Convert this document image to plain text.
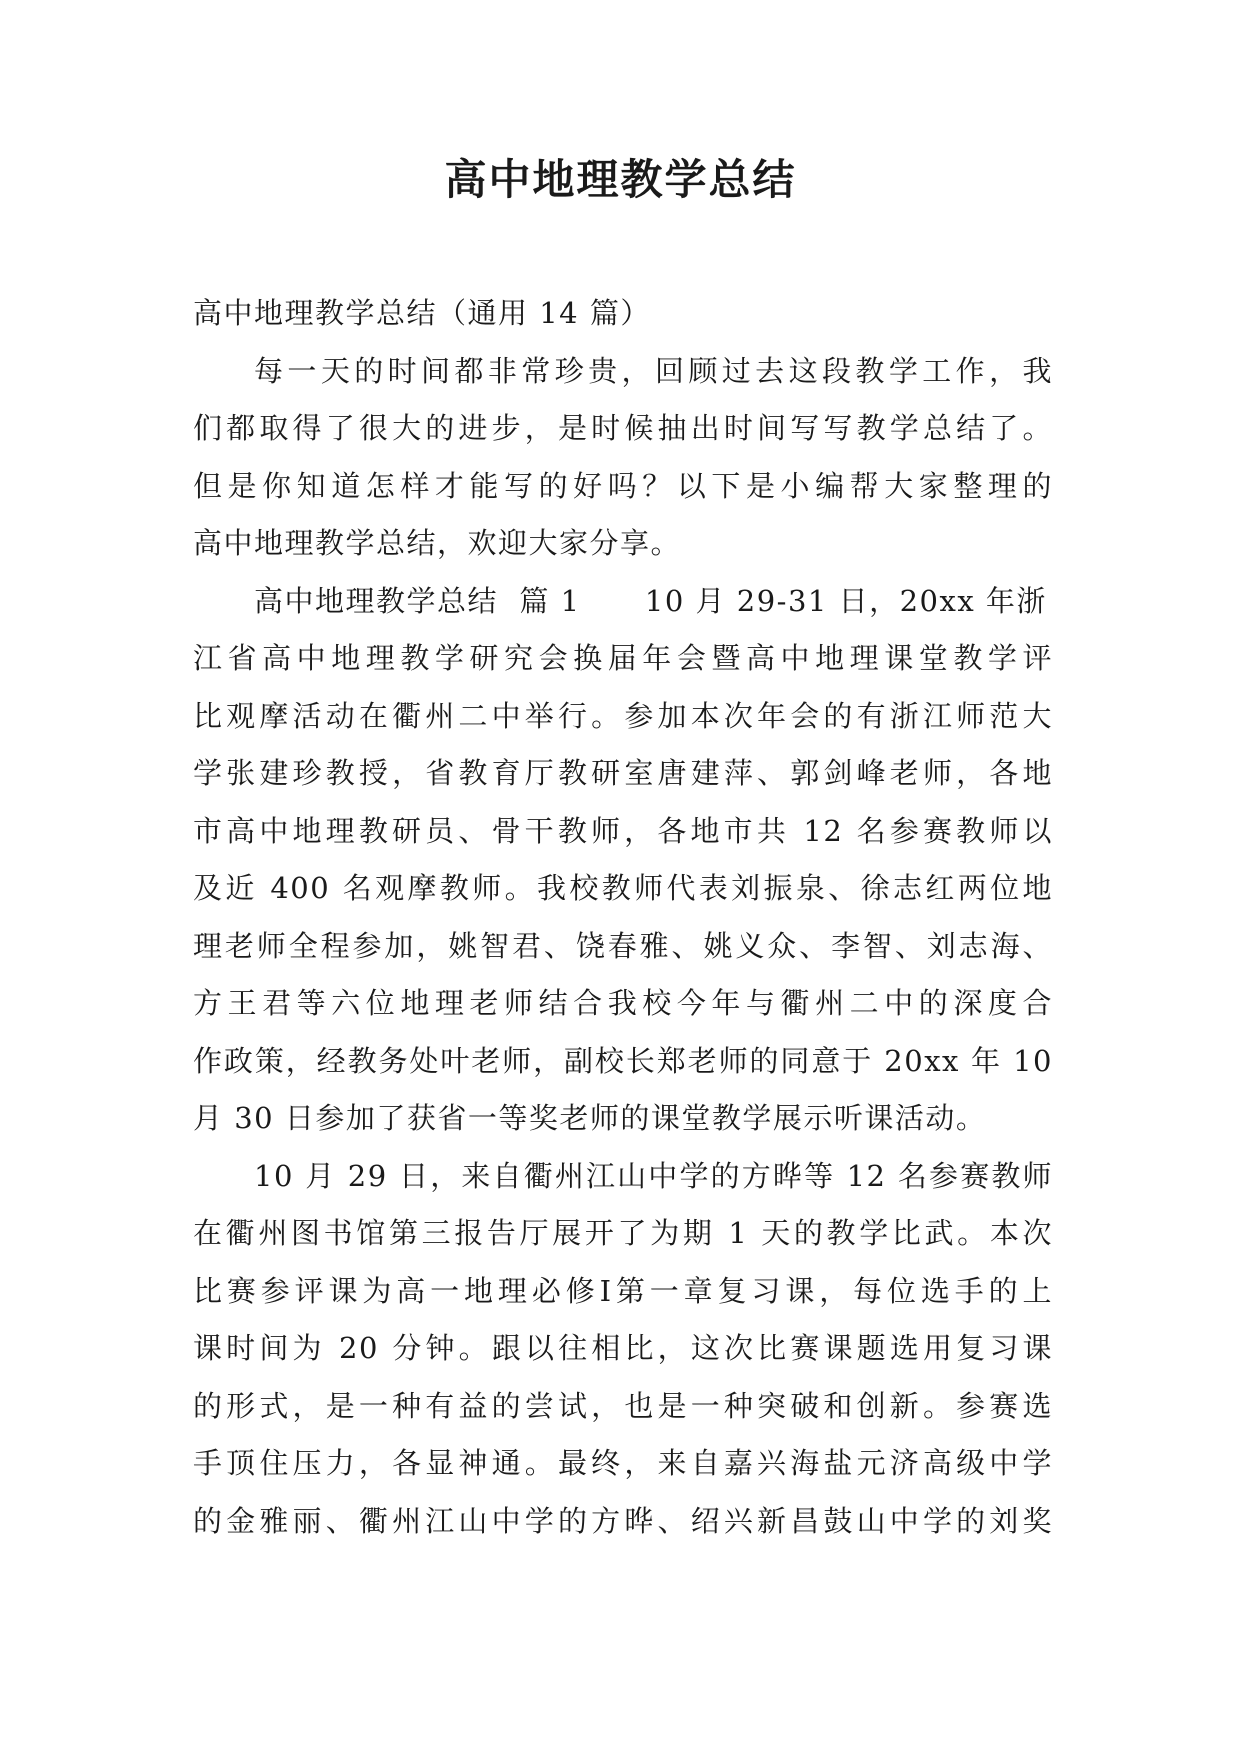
高中地理教学总结
高中地理教学总结（通用 14 篇）
每一天的时间都非常珍贵，回顾过去这段教学工作，我
们都取得了很大的进步，是时候抽出时间写写教学总结了。
但是你知道怎样才能写的好吗？以下是小编帮大家整理的
高中地理教学总结，欢迎大家分享。
高中地理教学总结  篇 1      10 月 29-31 日，20xx 年浙
江省高中地理教学研究会换届年会暨高中地理课堂教学评
比观摩活动在衢州二中举行。参加本次年会的有浙江师范大
学张建珍教授，省教育厅教研室唐建萍、郭剑峰老师，各地
市高中地理教研员、骨干教师，各地市共 12 名参赛教师以
及近 400 名观摩教师。我校教师代表刘振泉、徐志红两位地
理老师全程参加，姚智君、饶春雅、姚义众、李智、刘志海、
方王君等六位地理老师结合我校今年与衢州二中的深度合
作政策，经教务处叶老师，副校长郑老师的同意于 20xx 年 10
月 30 日参加了获省一等奖老师的课堂教学展示听课活动。
10 月 29 日，来自衢州江山中学的方晔等 12 名参赛教师
在衢州图书馆第三报告厅展开了为期 1 天的教学比武。本次
比赛参评课为高一地理必修Ⅰ第一章复习课，每位选手的上
课时间为 20 分钟。跟以往相比，这次比赛课题选用复习课
的形式，是一种有益的尝试，也是一种突破和创新。参赛选
手顶住压力，各显神通。最终，来自嘉兴海盐元济高级中学
的金雅丽、衢州江山中学的方晔、绍兴新昌鼓山中学的刘奖
